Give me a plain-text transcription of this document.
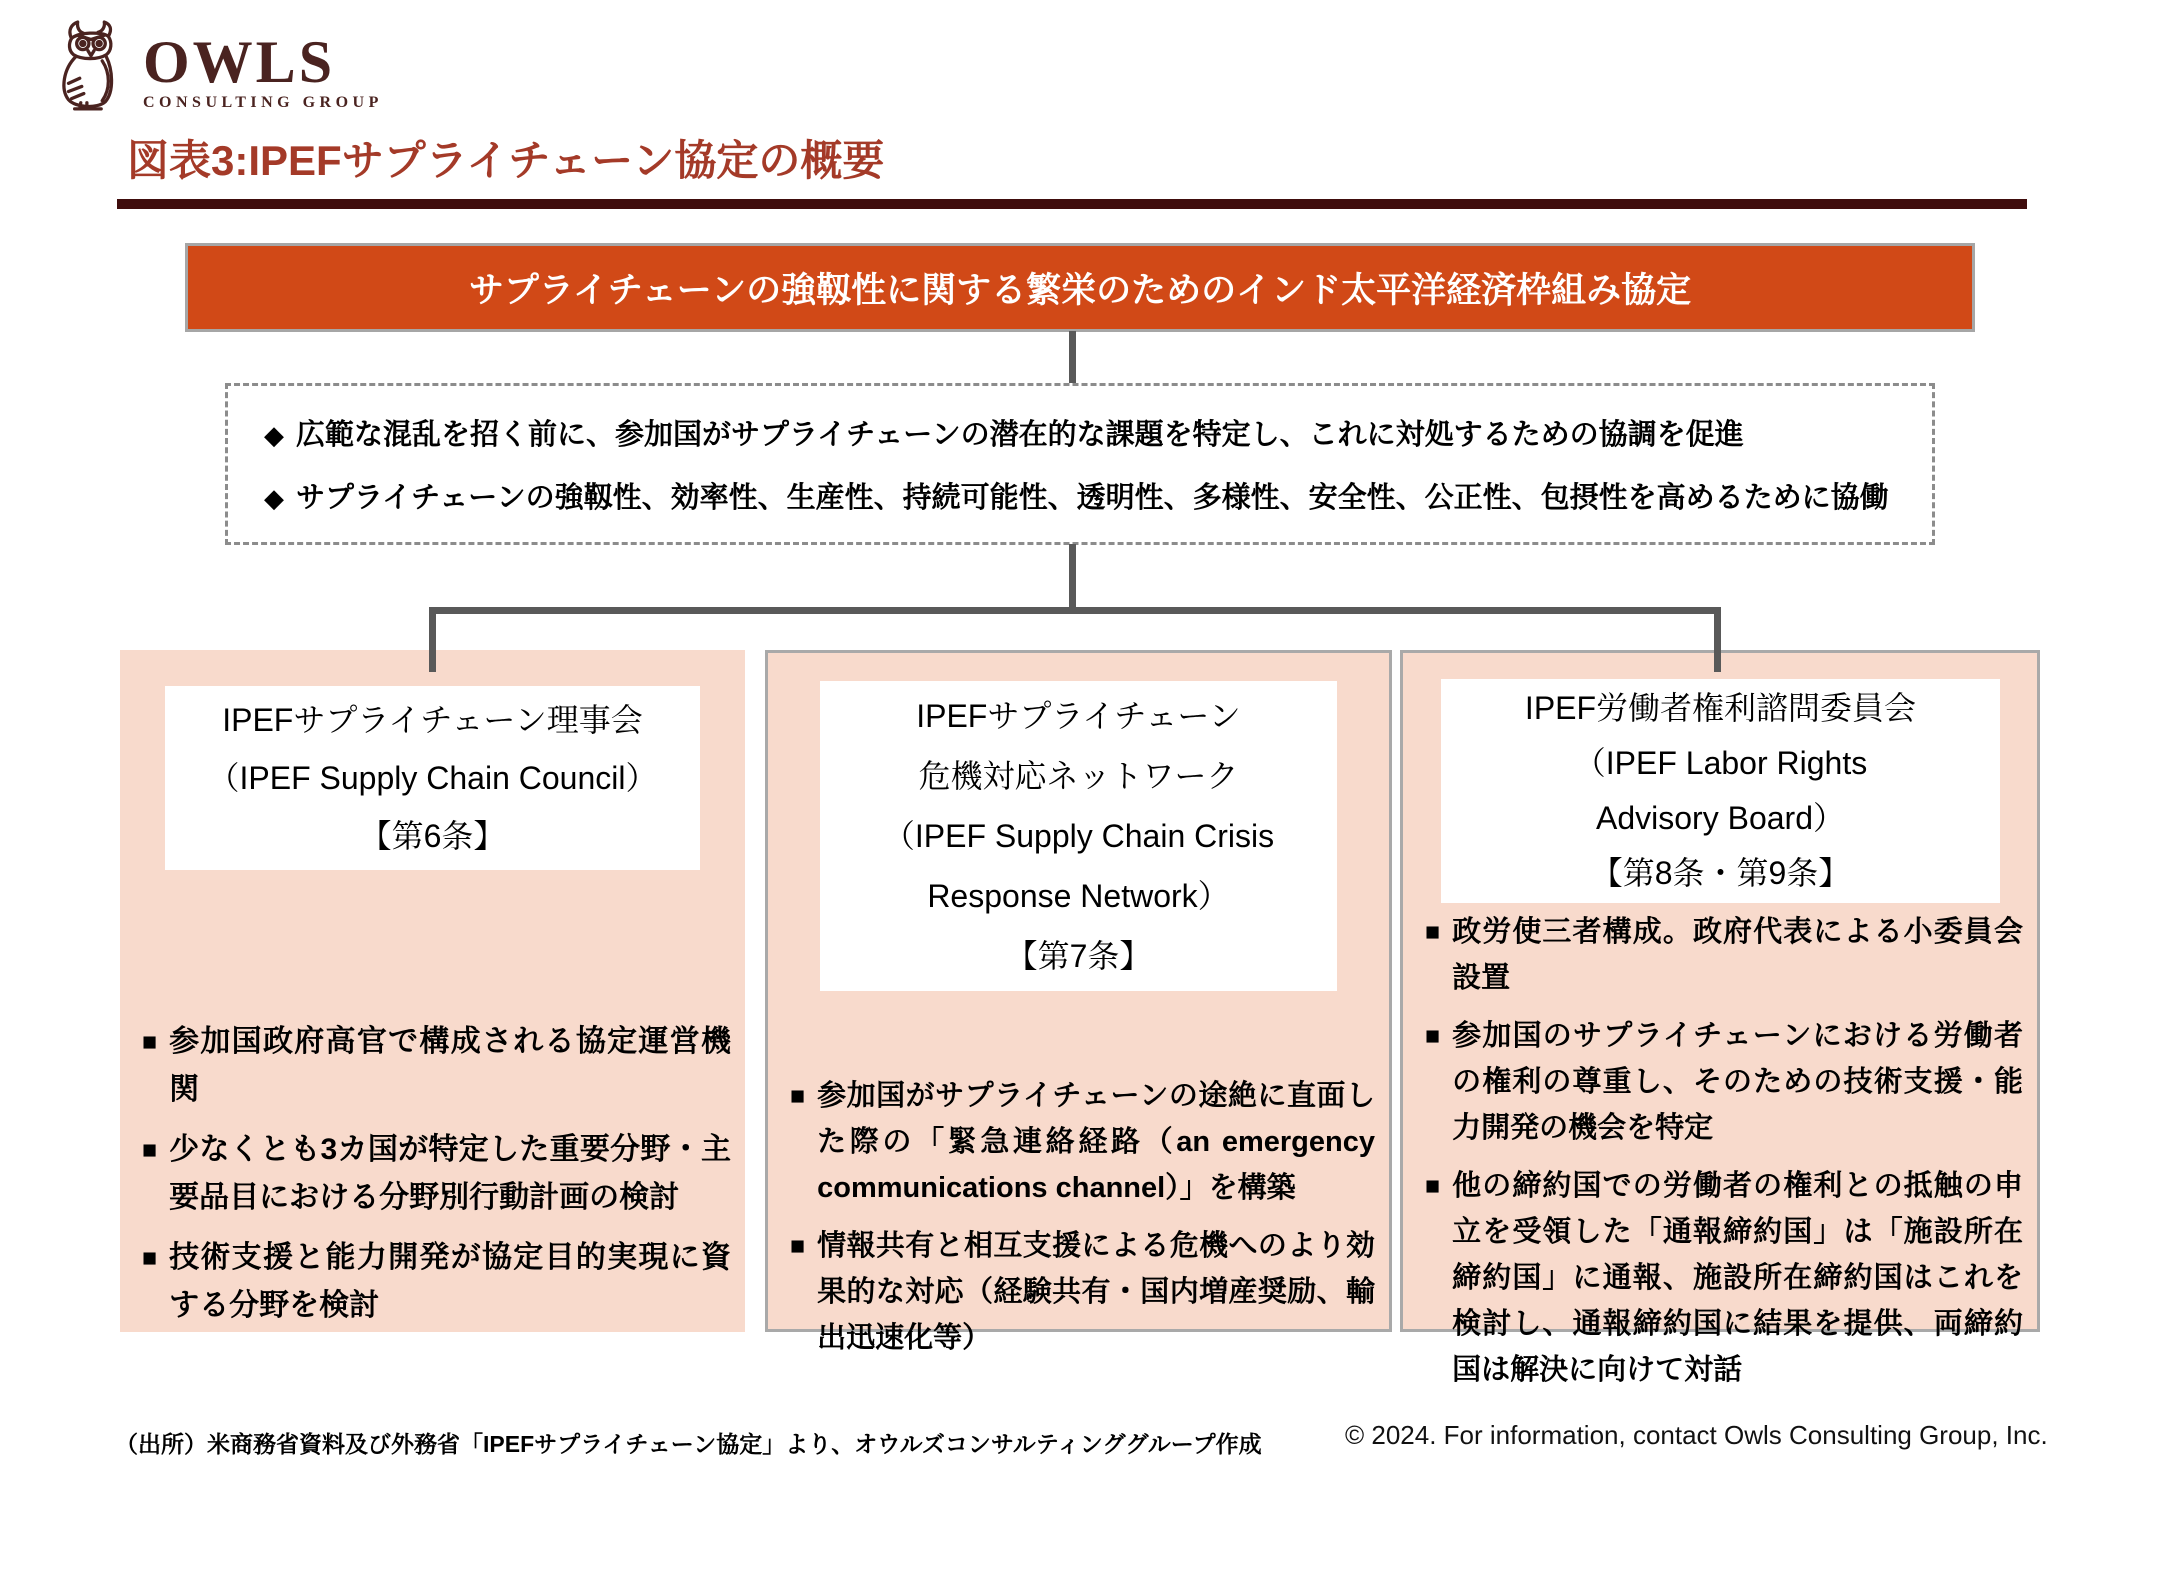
OWLS
CONSULTING GROUP
図表3:IPEFサプライチェーン協定の概要
サプライチェーンの強靱性に関する繁栄のためのインド太平洋経済枠組み協定
◆ 広範な混乱を招く前に、参加国がサプライチェーンの潜在的な課題を特定し、これに対処するための協調を促進
◆ サプライチェーンの強靱性、効率性、生産性、持続可能性、透明性、多様性、安全性、公正性、包摂性を高めるために協働
IPEFサプライチェーン理事会
（IPEF Supply Chain Council）
【第6条】
■ 参加国政府高官で構成される協定運営機関
■ 少なくとも3カ国が特定した重要分野・主要品目における分野別行動計画の検討
■ 技術支援と能力開発が協定目的実現に資する分野を検討
IPEFサプライチェーン
危機対応ネットワーク
（IPEF Supply Chain Crisis
Response Network）
【第7条】
■ 参加国がサプライチェーンの途絶に直面した際の「緊急連絡経路（an emergency communications channel）」を構築
■ 情報共有と相互支援による危機へのより効果的な対応（経験共有・国内増産奨励、輸出迅速化等）
IPEF労働者権利諮問委員会
（IPEF Labor Rights
Advisory Board）
【第8条・第9条】
■ 政労使三者構成。政府代表による小委員会設置
■ 参加国のサプライチェーンにおける労働者の権利の尊重し、そのための技術支援・能力開発の機会を特定
■ 他の締約国での労働者の権利との抵触の申立を受領した「通報締約国」は「施設所在締約国」に通報、施設所在締約国はこれを検討し、通報締約国に結果を提供、両締約国は解決に向けて対話
（出所）米商務省資料及び外務省「IPEFサプライチェーン協定」より、オウルズコンサルティンググループ作成	© 2024. For information, contact Owls Consulting Group, Inc.
